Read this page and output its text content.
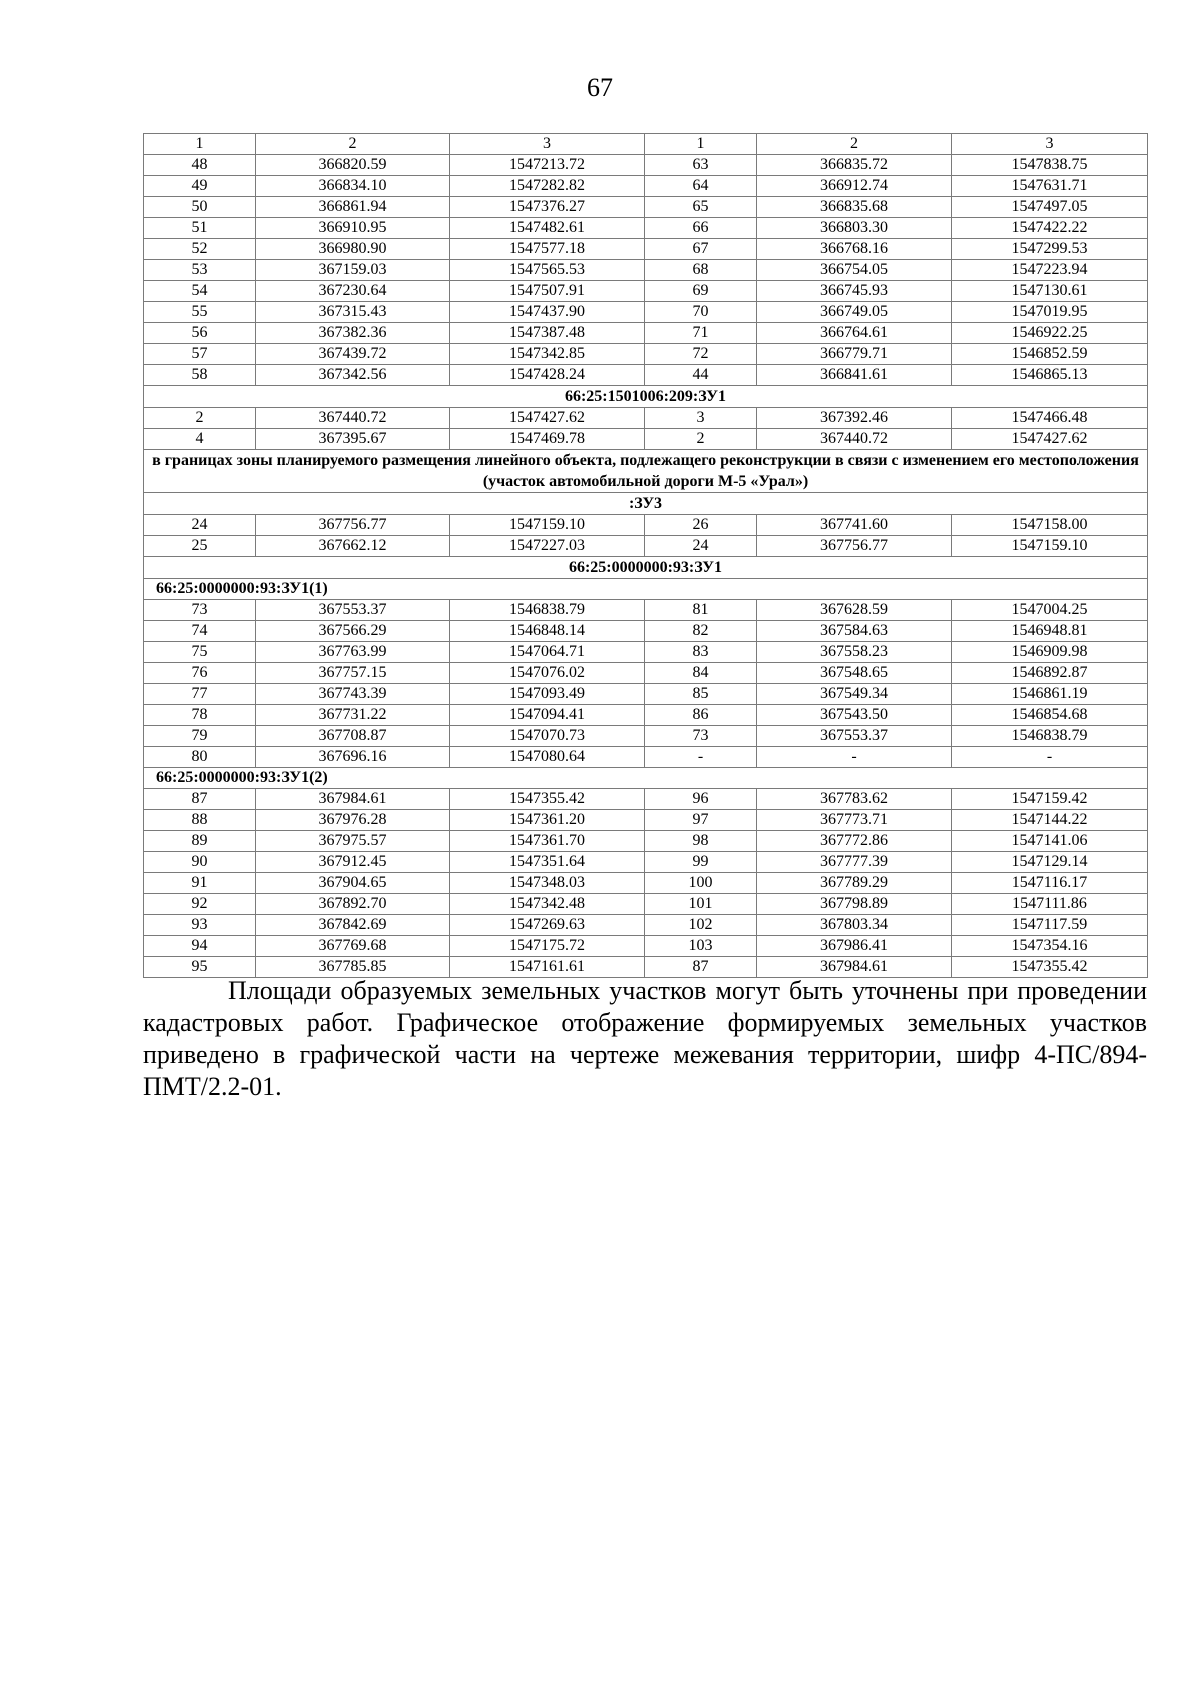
67
1	2	3	1	2	3
48	366820.59	1547213.72	63	366835.72	1547838.75
49	366834.10	1547282.82	64	366912.74	1547631.71
50	366861.94	1547376.27	65	366835.68	1547497.05
51	366910.95	1547482.61	66	366803.30	1547422.22
52	366980.90	1547577.18	67	366768.16	1547299.53
53	367159.03	1547565.53	68	366754.05	1547223.94
54	367230.64	1547507.91	69	366745.93	1547130.61
55	367315.43	1547437.90	70	366749.05	1547019.95
56	367382.36	1547387.48	71	366764.61	1546922.25
57	367439.72	1547342.85	72	366779.71	1546852.59
58	367342.56	1547428.24	44	366841.61	1546865.13
66:25:1501006:209:ЗУ1					
2	367440.72	1547427.62	3	367392.46	1547466.48
4	367395.67	1547469.78	2	367440.72	1547427.62
в границах зоны планируемого размещения линейного объекта, подлежащего реконструкции в связи с изменением его местоположения (участок автомобильной дороги М-5 «Урал»)					
:ЗУ3					
24	367756.77	1547159.10	26	367741.60	1547158.00
25	367662.12	1547227.03	24	367756.77	1547159.10
66:25:0000000:93:ЗУ1					
66:25:0000000:93:ЗУ1(1)					
73	367553.37	1546838.79	81	367628.59	1547004.25
74	367566.29	1546848.14	82	367584.63	1546948.81
75	367763.99	1547064.71	83	367558.23	1546909.98
76	367757.15	1547076.02	84	367548.65	1546892.87
77	367743.39	1547093.49	85	367549.34	1546861.19
78	367731.22	1547094.41	86	367543.50	1546854.68
79	367708.87	1547070.73	73	367553.37	1546838.79
80	367696.16	1547080.64	-	-	-
66:25:0000000:93:ЗУ1(2)					
87	367984.61	1547355.42	96	367783.62	1547159.42
88	367976.28	1547361.20	97	367773.71	1547144.22
89	367975.57	1547361.70	98	367772.86	1547141.06
90	367912.45	1547351.64	99	367777.39	1547129.14
91	367904.65	1547348.03	100	367789.29	1547116.17
92	367892.70	1547342.48	101	367798.89	1547111.86
93	367842.69	1547269.63	102	367803.34	1547117.59
94	367769.68	1547175.72	103	367986.41	1547354.16
95	367785.85	1547161.61	87	367984.61	1547355.42

Площади образуемых земельных участков могут быть уточнены при проведении кадастровых работ. Графическое отображение формируемых земельных участков приведено в графической части на чертеже межевания территории, шифр 4-ПС/894-ПМТ/2.2-01.
